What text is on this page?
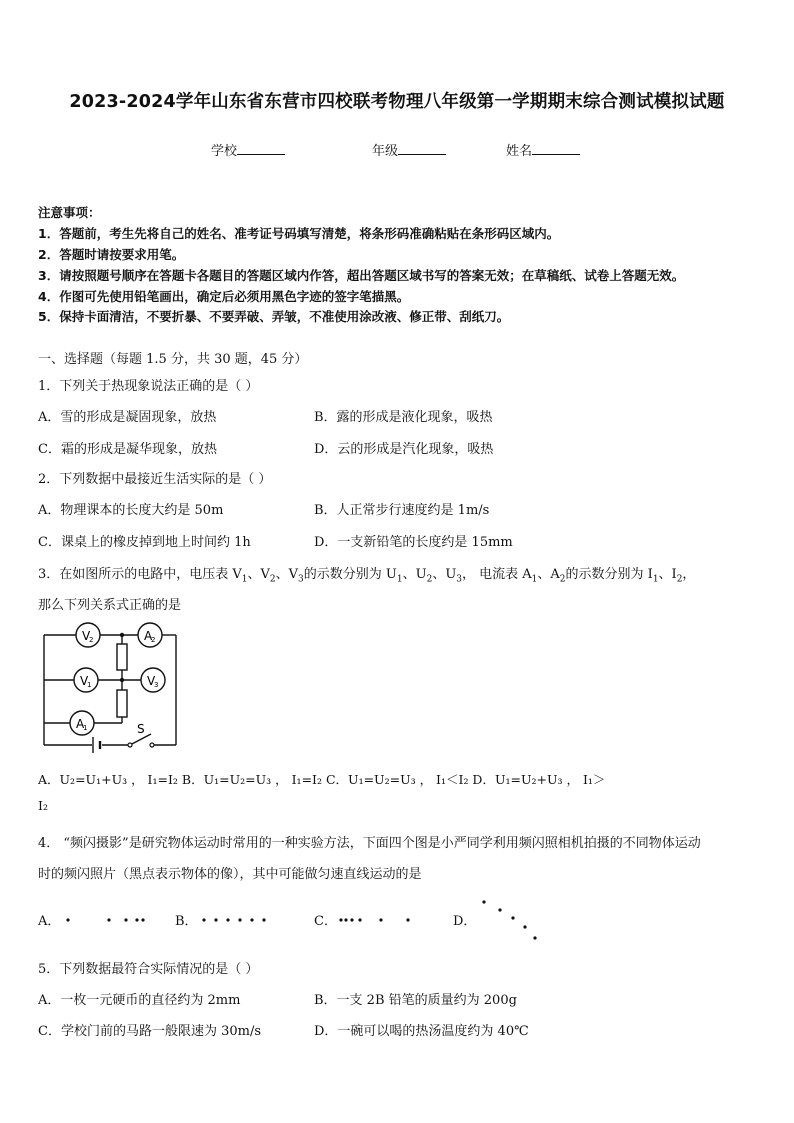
2023-2024学年山东省东营市四校联考物理八年级第一学期期末综合测试模拟试题
学校	年级	姓名
注意事项：
1．答题前，考生先将自己的姓名、准考证号码填写清楚，将条形码准确粘贴在条形码区域内。
2．答题时请按要求用笔。
3．请按照题号顺序在答题卡各题目的答题区域内作答，超出答题区域书写的答案无效；在草稿纸、试卷上答题无效。
4．作图可先使用铅笔画出，确定后必须用黑色字迹的签字笔描黑。
5．保持卡面清洁，不要折暴、不要弄破、弄皱，不准使用涂改液、修正带、刮纸刀。
一、选择题（每题 1.5 分，共 30 题，45 分）
1．下列关于热现象说法正确的是（ ）
A．雪的形成是凝固现象，放热	B．露的形成是液化现象，吸热
C．霜的形成是凝华现象，放热	D．云的形成是汽化现象，吸热
2．下列数据中最接近生活实际的是（ ）
A．物理课本的长度大约是 50m	B．人正常步行速度约是 1m/s
C．课桌上的橡皮掉到地上时间约 1h	D．一支新铅笔的长度约是 15mm
3．在如图所示的电路中，电压表 $V_1$、$V_2$、$V_3$的示数分别为 $U_1$、$U_2$、$U_3$， 电流表 $A_1$、$A_2$的示数分别为 $I_1$、$I_2$，
那么下列关系式正确的是
S
V
2	A
2
V
1	V
3
A
1
A．U₂=U₁+U₃ ， I₁=I₂ B．U₁=U₂=U₃ ， I₁=I₂ C．U₁=U₂=U₃ ， I₁＜I₂ D．U₁=U₂+U₃ ， I₁＞
I₂
4． “频闪摄影”是研究物体运动时常用的一种实验方法，下面四个图是小严同学利用频闪照相机拍摄的不同物体运动
时的频闪照片（黑点表示物体的像），其中可能做匀速直线运动的是
A．	B．	C．	D．
5．下列数据最符合实际情况的是（ ）
A．一枚一元硬币的直径约为 2mm	B．一支 2B 铅笔的质量约为 200g
C．学校门前的马路一般限速为 30m/s	D．一碗可以喝的热汤温度约为 40℃
